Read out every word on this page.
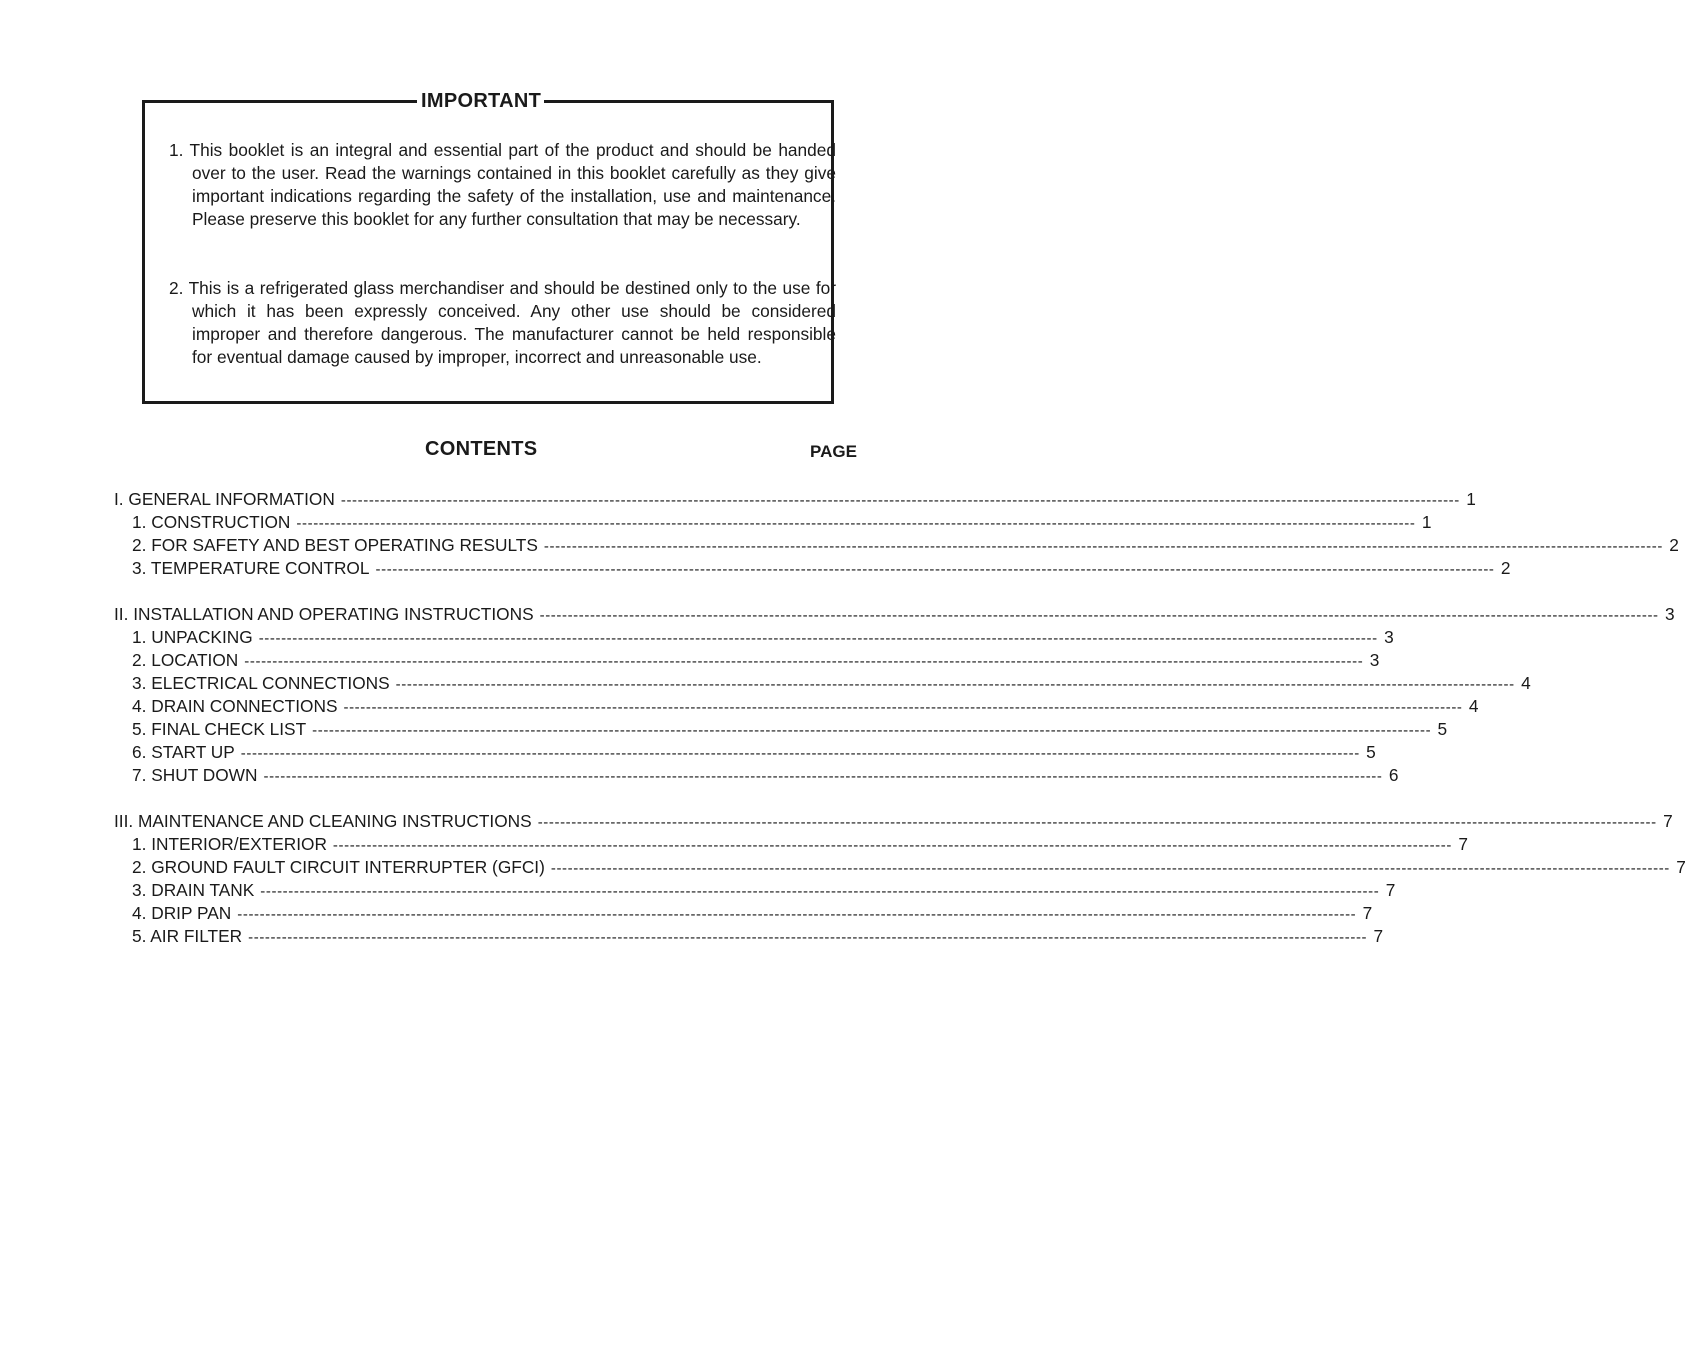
IMPORTANT
1. This booklet is an integral and essential part of the product and should be handed over to the user. Read the warnings contained in this booklet carefully as they give important indications regarding the safety of the installation, use and maintenance. Please preserve this booklet for any further consultation that may be necessary.
2. This is a refrigerated glass merchandiser and should be destined only to the use for which it has been expressly conceived. Any other use should be considered improper and therefore dangerous. The manufacturer cannot be held responsible for eventual damage caused by improper, incorrect and unreasonable use.
CONTENTS	PAGE
I. GENERAL INFORMATION -------------------------------------------------------------------------------------------------------------------------------------------------------------------------------------------------------- 1
1. CONSTRUCTION -------------------------------------------------------------------------------------------------------------------------------------------------------------------------------------------------------- 1
2. FOR SAFETY AND BEST OPERATING RESULTS -------------------------------------------------------------------------------------------------------------------------------------------------------------------------------------------------------- 2
3. TEMPERATURE CONTROL -------------------------------------------------------------------------------------------------------------------------------------------------------------------------------------------------------- 2
II. INSTALLATION AND OPERATING INSTRUCTIONS -------------------------------------------------------------------------------------------------------------------------------------------------------------------------------------------------------- 3
1. UNPACKING -------------------------------------------------------------------------------------------------------------------------------------------------------------------------------------------------------- 3
2. LOCATION -------------------------------------------------------------------------------------------------------------------------------------------------------------------------------------------------------- 3
3. ELECTRICAL CONNECTIONS -------------------------------------------------------------------------------------------------------------------------------------------------------------------------------------------------------- 4
4. DRAIN CONNECTIONS -------------------------------------------------------------------------------------------------------------------------------------------------------------------------------------------------------- 4
5. FINAL CHECK LIST -------------------------------------------------------------------------------------------------------------------------------------------------------------------------------------------------------- 5
6. START UP -------------------------------------------------------------------------------------------------------------------------------------------------------------------------------------------------------- 5
7. SHUT DOWN -------------------------------------------------------------------------------------------------------------------------------------------------------------------------------------------------------- 6
III. MAINTENANCE AND CLEANING INSTRUCTIONS -------------------------------------------------------------------------------------------------------------------------------------------------------------------------------------------------------- 7
1. INTERIOR/EXTERIOR -------------------------------------------------------------------------------------------------------------------------------------------------------------------------------------------------------- 7
2. GROUND FAULT CIRCUIT INTERRUPTER (GFCI) -------------------------------------------------------------------------------------------------------------------------------------------------------------------------------------------------------- 7
3. DRAIN TANK -------------------------------------------------------------------------------------------------------------------------------------------------------------------------------------------------------- 7
4. DRIP PAN -------------------------------------------------------------------------------------------------------------------------------------------------------------------------------------------------------- 7
5. AIR FILTER -------------------------------------------------------------------------------------------------------------------------------------------------------------------------------------------------------- 7
